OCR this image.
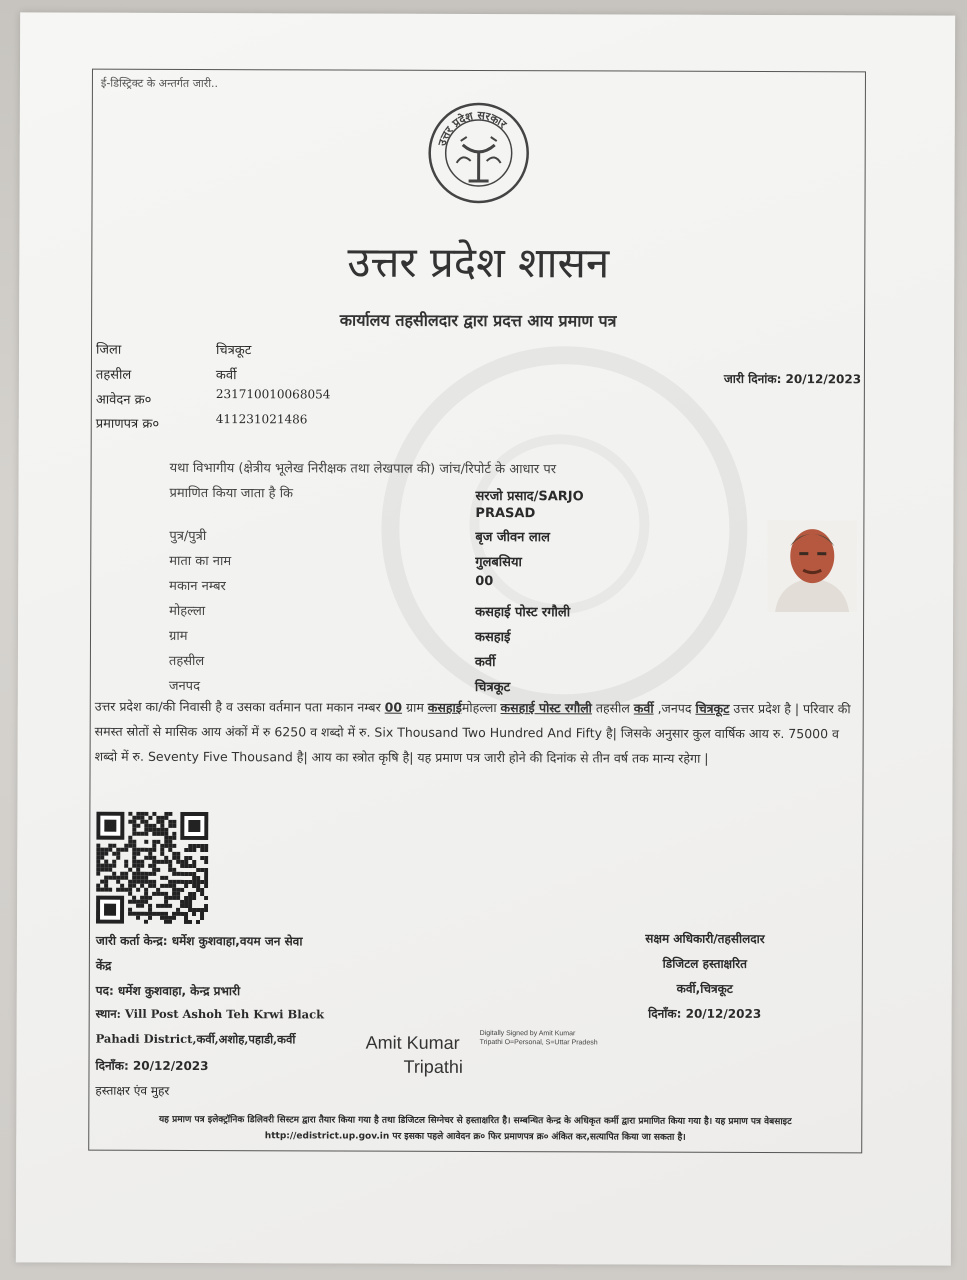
ई-डिस्ट्रिक्ट के अन्तर्गत जारी..
उत्तर प्रदेश सरकार
उत्तर प्रदेश शासन
कार्यालय तहसीलदार द्वारा प्रदत्त आय प्रमाण पत्र
जिला	चित्रकूट
तहसील	कर्वी
आवेदन क्र०	231710010068054
प्रमाणपत्र क्र०	411231021486
जारी दिनांक: 20/12/2023
यथा विभागीय (क्षेत्रीय भूलेख निरीक्षक तथा लेखपाल की) जांच/रिपोर्ट के आधार पर
प्रमाणित किया जाता है कि	सरजो प्रसाद/SARJO
PRASAD
पुत्र/पुत्री	बृज जीवन लाल
माता का नाम	गुलबसिया
मकान नम्बर	00
मोहल्ला	कसहाई पोस्ट रगौली
ग्राम	कसहाई
तहसील	कर्वी
जनपद	चित्रकूट
उत्तर प्रदेश का/की निवासी है व उसका वर्तमान पता मकान नम्बर 00 ग्राम कसहाईमोहल्ला कसहाई पोस्ट रगौली तहसील कर्वी ,जनपद चित्रकूट उत्तर प्रदेश है | परिवार की समस्त स्रोतों से मासिक आय अंकों में रु 6250 व शब्दो में रु. Six Thousand Two Hundred And Fifty है| जिसके अनुसार कुल वार्षिक आय रु. 75000 व शब्दो में रु. Seventy Five Thousand है| आय का स्त्रोत कृषि है| यह प्रमाण पत्र जारी होने की दिनांक से तीन वर्ष तक मान्य रहेगा |
जारी कर्ता केन्द्र: धर्मेश कुशवाहा,वयम जन सेवा
केंद्र
पद: धर्मेश कुशवाहा, केन्द्र प्रभारी
स्थान: Vill Post Ashoh Teh Krwi Black
Pahadi District,कर्वी,अशोह,पहाडी,कर्वी
दिनाँक: 20/12/2023
हस्ताक्षर एंव मुहर
Amit Kumar
Tripathi
Digitally Signed by Amit Kumar Tripathi O=Personal, S=Uttar Pradesh
सक्षम अधिकारी/तहसीलदार
डिजिटल हस्ताक्षरित
कर्वी,चित्रकूट
दिनाँक: 20/12/2023
यह प्रमाण पत्र इलेक्ट्रॉनिक डिलिवरी सिस्टम द्वारा तैयार किया गया है तथा डिजिटल सिग्नेचर से हस्ताक्षरित है। सम्बन्धित केन्द्र के अधिकृत कर्मी द्वारा प्रमाणित किया गया है। यह प्रमाण पत्र वेबसाइट http://edistrict.up.gov.in पर इसका पहले आवेदन क्र० फिर प्रमाणपत्र क्र० अंकित कर,सत्यापित किया जा सकता है।
